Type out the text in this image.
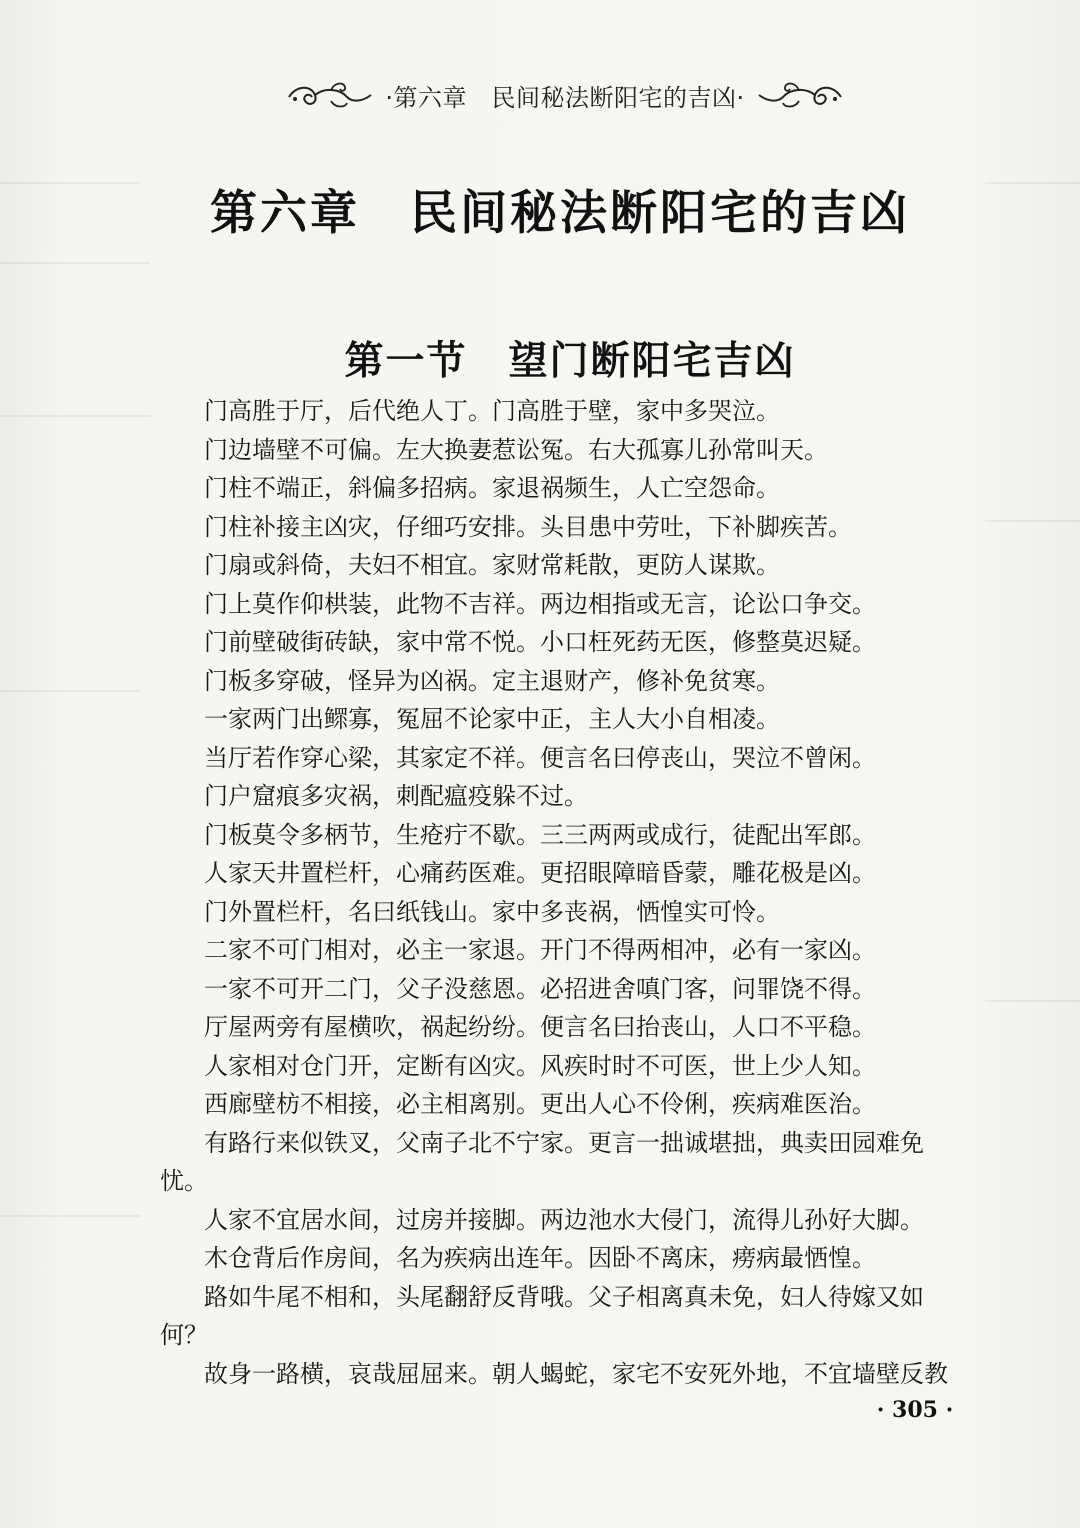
·第六章　民间秘法断阳宅的吉凶·
第六章　民间秘法断阳宅的吉凶
第一节　望门断阳宅吉凶
门高胜于厅，后代绝人丁。门高胜于壁，家中多哭泣。
门边墙壁不可偏。左大换妻惹讼冤。右大孤寡儿孙常叫天。
门柱不端正，斜偏多招病。家退祸频生，人亡空怨命。
门柱补接主凶灾，仔细巧安排。头目患中劳吐，下补脚疾苦。
门扇或斜倚，夫妇不相宜。家财常耗散，更防人谋欺。
门上莫作仰栱装，此物不吉祥。两边相指或无言，论讼口争交。
门前壁破街砖缺，家中常不悦。小口枉死药无医，修整莫迟疑。
门板多穿破，怪异为凶祸。定主退财产，修补免贫寒。
一家两门出鳏寡，冤屈不论家中正，主人大小自相凌。
当厅若作穿心梁，其家定不祥。便言名曰停丧山，哭泣不曾闲。
门户窟痕多灾祸，刺配瘟疫躲不过。
门板莫令多柄节，生疮疔不歇。三三两两或成行，徒配出军郎。
人家天井置栏杆，心痛药医难。更招眼障暗昏蒙，雕花极是凶。
门外置栏杆，名曰纸钱山。家中多丧祸，恓惶实可怜。
二家不可门相对，必主一家退。开门不得两相冲，必有一家凶。
一家不可开二门，父子没慈恩。必招进舍嗔门客，问罪饶不得。
厅屋两旁有屋横吹，祸起纷纷。便言名曰抬丧山，人口不平稳。
人家相对仓门开，定断有凶灾。风疾时时不可医，世上少人知。
西廊壁枋不相接，必主相离别。更出人心不伶俐，疾病难医治。
有路行来似铁叉，父南子北不宁家。更言一拙诚堪拙，典卖田园难免
忧。
人家不宜居水间，过房并接脚。两边池水大侵门，流得儿孙好大脚。
木仓背后作房间，名为疾病出连年。因卧不离床，痨病最恓惶。
路如牛尾不相和，头尾翻舒反背哦。父子相离真未免，妇人待嫁又如
何？
故身一路横，哀哉屈屈来。朝人蝎蛇，家宅不安死外地，不宜墙壁反教
· 305 ·
